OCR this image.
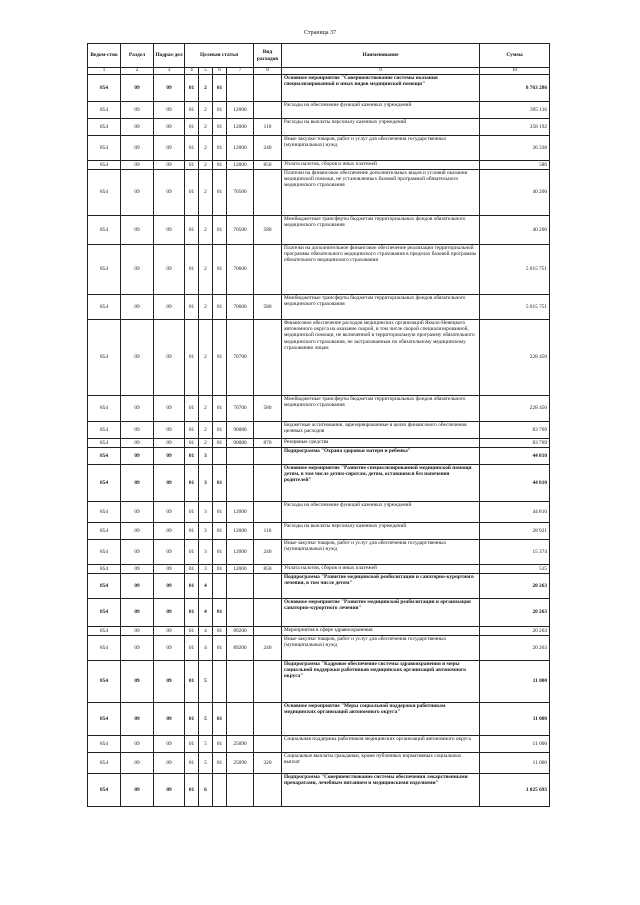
Страница 37
Ведом-ство	Раздел	Подраз-дел	Целевая статья				Вид расходов	Наименование	Сумма
1	2	3	4	5	6	7	8	9	10
854	09	09	01	2	01			Основное мероприятие "Совершенствование системы оказания специализированной и иных видов медицинской помощи"	8 763 286
854	09	09	01	2	01	12000		Расходы на обеспечение функций казенных учреждений	395 116
854	09	09	01	2	01	12000	110	Расходы на выплаты персоналу казенных учреждений	358 192
854	09	09	01	2	01	12000	240	Иные закупки товаров, работ и услуг для обеспечения государственных (муниципальных) нужд	36 338
854	09	09	01	2	01	12000	850	Уплата налогов, сборов и иных платежей	586
854	09	09	01	2	01	70500		Платежи на финансовое обеспечение дополнительных видов и условий оказания медицинской помощи, не установленных базовой программой обязательного медицинского страхования	40 200
854	09	09	01	2	01	70500	580	Межбюджетные трансферты бюджетам территориальных фондов обязательного медицинского страхования	40 200
854	09	09	01	2	01	70600		Платежи на дополнительное финансовое обеспечение реализации территориальной программы обязательного медицинского страхования в пределах базовой программы обязательного медицинского страхования	5 015 751
854	09	09	01	2	01	70600	580	Межбюджетные трансферты бюджетам территориальных фондов обязательного медицинского страхования	5 015 751
854	09	09	01	2	01	70700		Финансовое обеспечение расходов медицинских организаций Ямало-Ненецкого автономного округа на оказание скорой, в том числе скорой специализированной, медицинской помощи, не включенной в территориальную программу обязательного медицинского страхования, не застрахованным по обязательному медицинскому страхованию лицам	228 450
854	09	09	01	2	01	70700	580	Межбюджетные трансферты бюджетам территориальных фондов обязательного медицинского страхования	228 450
854	09	09	01	2	01	90080		Бюджетные ассигнования, зарезервированные в целях финансового обеспечения целевых расходов	83 769
854	09	09	01	2	01	90080	870	Резервные средства	83 769
854	09	09	01	3				Подпрограмма "Охрана здоровья матери и ребенка"	44 810
854	09	09	01	3	01			Основное мероприятие "Развитие специализированной медицинской помощи детям, в том числе детям-сиротам, детям, оставшимся без попечения родителей"	44 810
854	09	09	01	3	01	12000		Расходы на обеспечение функций казенных учреждений	44 810
854	09	09	01	3	01	12000	110	Расходы на выплаты персоналу казенных учреждений	28 921
854	09	09	01	3	01	12000	240	Иные закупки товаров, работ и услуг для обеспечения государственных (муниципальных) нужд	15 374
854	09	09	01	3	01	12000	850	Уплата налогов, сборов и иных платежей	515
854	09	09	01	4				Подпрограмма "Развитие медицинской реабилитации и санаторно-курортного лечения, в том числе детям"	20 263
854	09	09	01	4	01			Основное мероприятие "Развитие медицинской реабилитации и организация санаторно-курортного лечения"	20 263
854	09	09	01	4	01	89200		Мероприятия в сфере здравоохранения	20 263
854	09	09	01	4	01	89200	240	Иные закупки товаров, работ и услуг для обеспечения государственных (муниципальных) нужд	20 263
854	09	09	01	5				Подпрограмма "Кадровое обеспечение системы здравоохранения и меры социальной поддержки работников медицинских организаций автономного округа"	11 000
854	09	09	01	5	01			Основное мероприятие "Меры социальной поддержки работникам медицинских организаций автономного округа"	11 000
854	09	09	01	5	01	25090		Социальная поддержка работников медицинских организаций автономного округа	11 000
854	09	09	01	5	01	25090	320	Социальные выплаты гражданам, кроме публичных нормативных социальных выплат	11 000
854	09	09	01	6				Подпрограмма "Совершенствование системы обеспечения лекарственными препаратами, лечебным питанием и медицинскими изделиями"	1 025 693
